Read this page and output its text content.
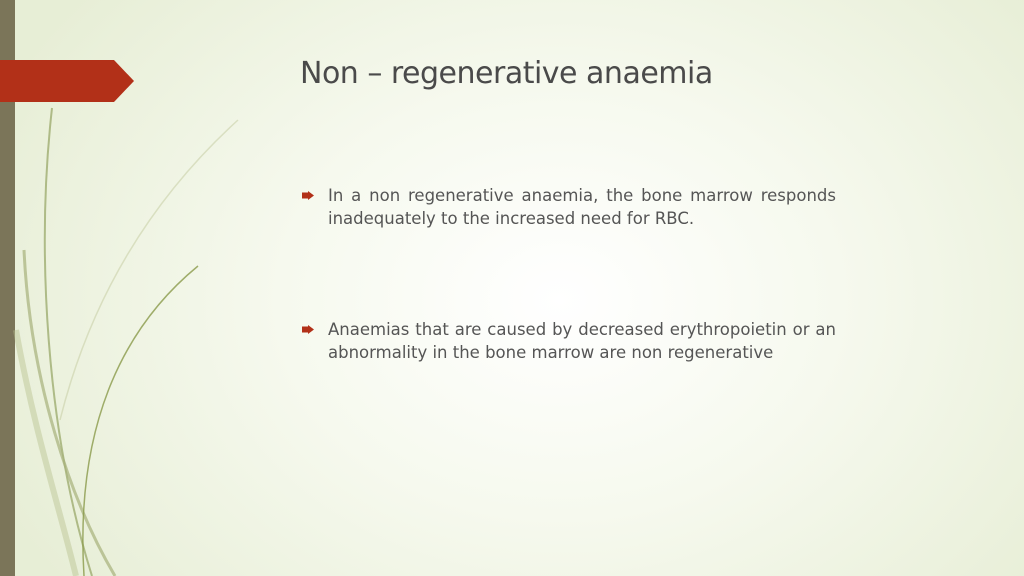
Non – regenerative anaemia
In a non regenerative anaemia, the bone marrow responds inadequately to the increased need for RBC.
Anaemias that are caused by decreased erythropoietin or an abnormality in the bone marrow are non regenerative
